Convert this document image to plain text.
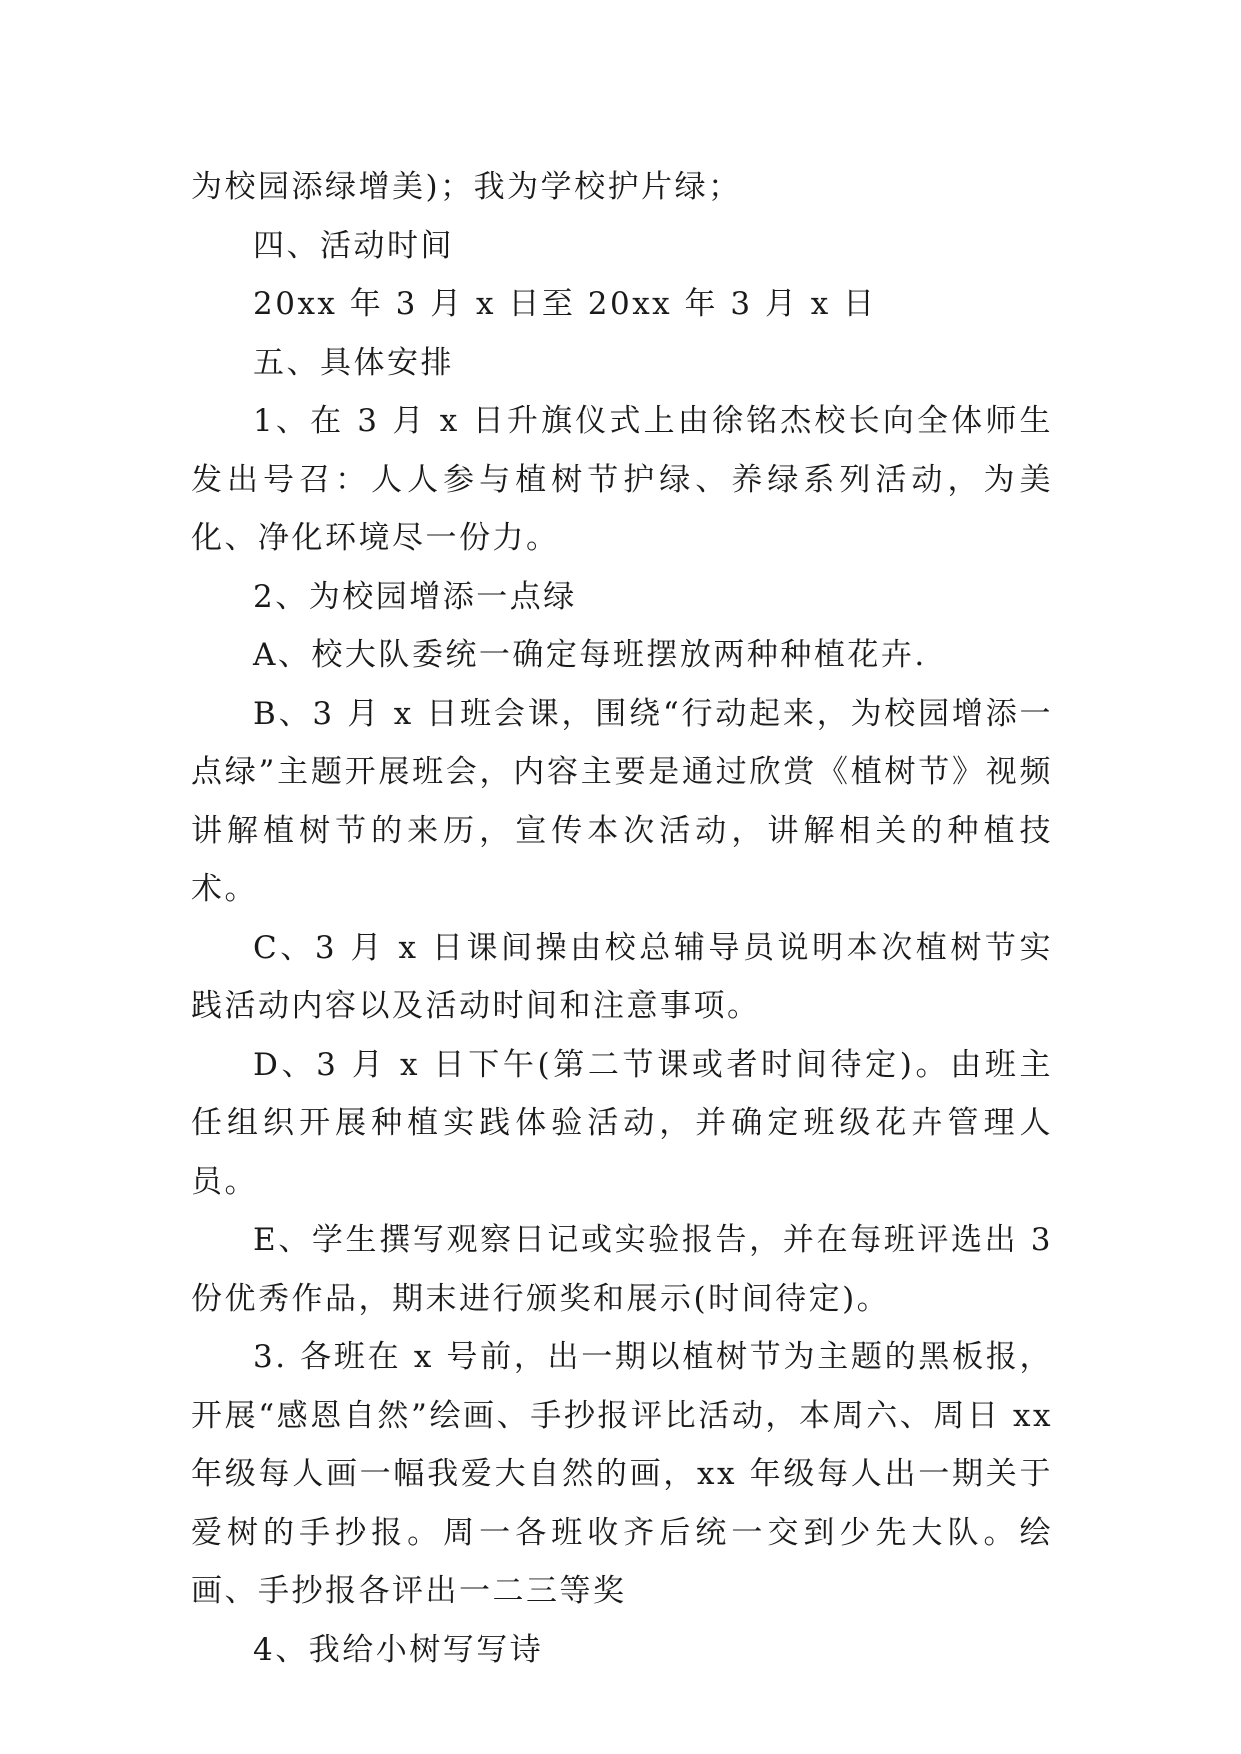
为校园添绿增美)；我为学校护片绿；

四、活动时间

20xx 年 3 月 x 日至 20xx 年 3 月 x 日

五、具体安排

1、在 3 月 x 日升旗仪式上由徐铭杰校长向全体师生发出号召：人人参与植树节护绿、养绿系列活动，为美化、净化环境尽一份力。

2、为校园增添一点绿

A、校大队委统一确定每班摆放两种种植花卉.

B、3 月 x 日班会课，围绕“行动起来，为校园增添一点绿”主题开展班会，内容主要是通过欣赏《植树节》视频讲解植树节的来历，宣传本次活动，讲解相关的种植技术。

C、3 月 x 日课间操由校总辅导员说明本次植树节实践活动内容以及活动时间和注意事项。

D、3 月 x 日下午(第二节课或者时间待定)。由班主任组织开展种植实践体验活动，并确定班级花卉管理人员。

E、学生撰写观察日记或实验报告，并在每班评选出 3 份优秀作品，期末进行颁奖和展示(时间待定)。

3. 各班在 x 号前，出一期以植树节为主题的黑板报，开展“感恩自然”绘画、手抄报评比活动，本周六、周日 xx 年级每人画一幅我爱大自然的画，xx 年级每人出一期关于爱树的手抄报。周一各班收齐后统一交到少先大队。绘画、手抄报各评出一二三等奖

4、我给小树写写诗
